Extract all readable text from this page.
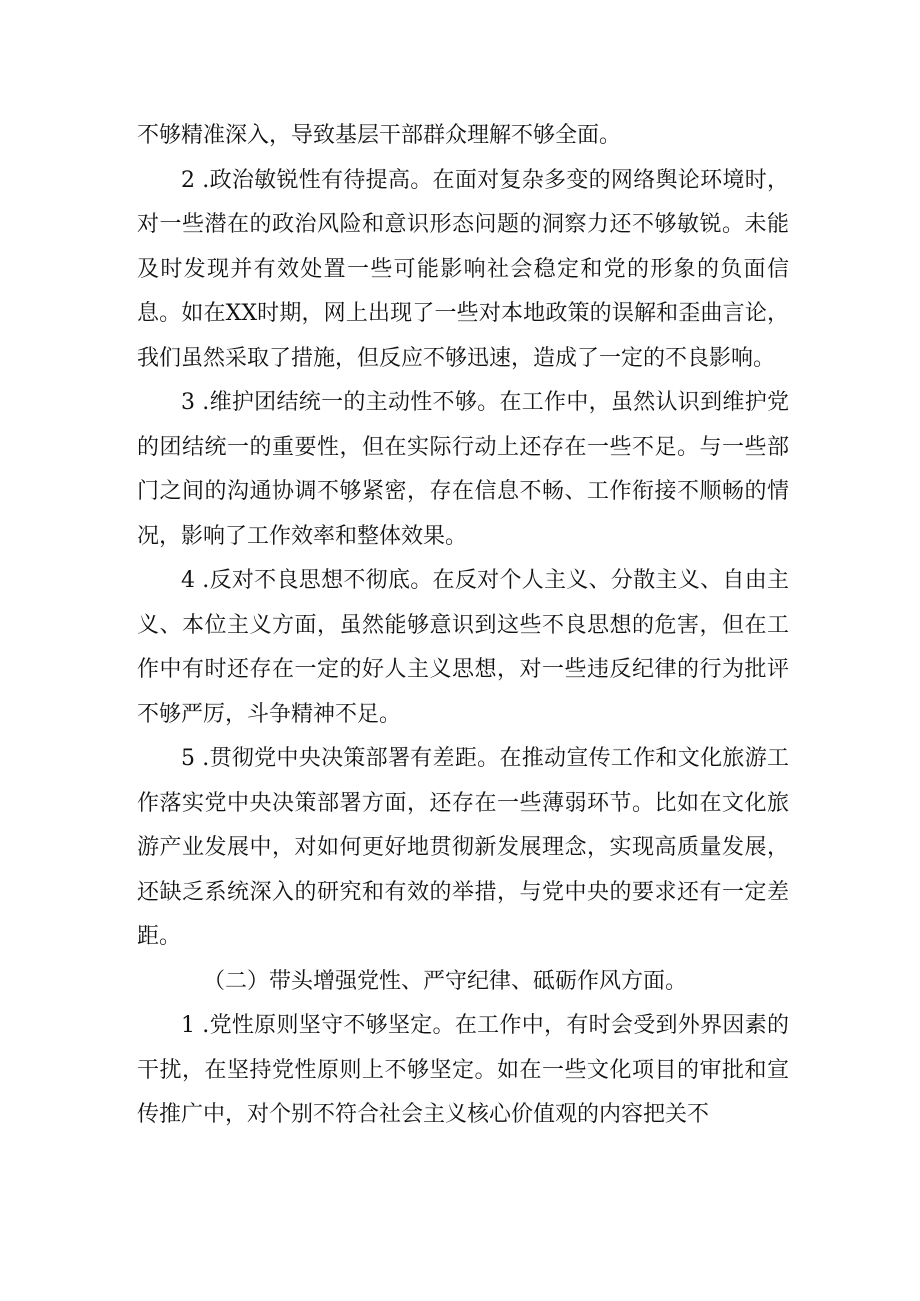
不够精准深入，导致基层干部群众理解不够全面。

2 .政治敏锐性有待提高。在面对复杂多变的网络舆论环境时，对一些潜在的政治风险和意识形态问题的洞察力还不够敏锐。未能及时发现并有效处置一些可能影响社会稳定和党的形象的负面信息。如在XX时期，网上出现了一些对本地政策的误解和歪曲言论，我们虽然采取了措施，但反应不够迅速，造成了一定的不良影响。

3 .维护团结统一的主动性不够。在工作中，虽然认识到维护党的团结统一的重要性，但在实际行动上还存在一些不足。与一些部门之间的沟通协调不够紧密，存在信息不畅、工作衔接不顺畅的情况，影响了工作效率和整体效果。

4 .反对不良思想不彻底。在反对个人主义、分散主义、自由主义、本位主义方面，虽然能够意识到这些不良思想的危害，但在工作中有时还存在一定的好人主义思想，对一些违反纪律的行为批评不够严厉，斗争精神不足。

5 .贯彻党中央决策部署有差距。在推动宣传工作和文化旅游工作落实党中央决策部署方面，还存在一些薄弱环节。比如在文化旅游产业发展中，对如何更好地贯彻新发展理念，实现高质量发展，还缺乏系统深入的研究和有效的举措，与党中央的要求还有一定差距。

（二）带头增强党性、严守纪律、砥砺作风方面。

1 .党性原则坚守不够坚定。在工作中，有时会受到外界因素的干扰，在坚持党性原则上不够坚定。如在一些文化项目的审批和宣传推广中，对个别不符合社会主义核心价值观的内容把关不
